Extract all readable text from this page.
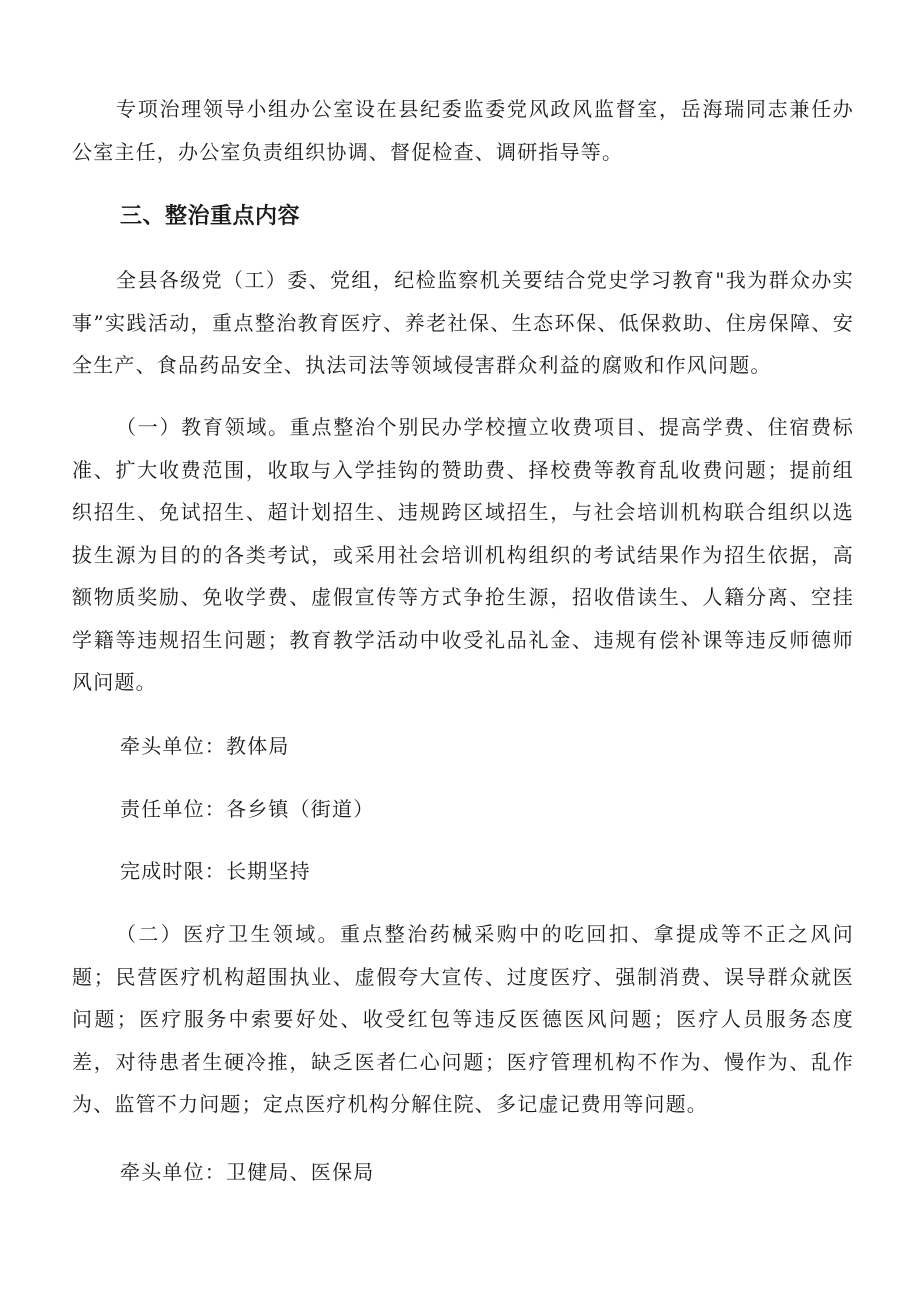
专项治理领导小组办公室设在县纪委监委党风政风监督室，岳海瑞同志兼任办公室主任，办公室负责组织协调、督促检查、调研指导等。

三、整治重点内容

全县各级党（工）委、党组，纪检监察机关要结合党史学习教育"我为群众办实事”实践活动，重点整治教育医疗、养老社保、生态环保、低保救助、住房保障、安全生产、食品药品安全、执法司法等领域侵害群众利益的腐败和作风问题。

（一）教育领域。重点整治个别民办学校擅立收费项目、提高学费、住宿费标准、扩大收费范围，收取与入学挂钩的赞助费、择校费等教育乱收费问题；提前组织招生、免试招生、超计划招生、违规跨区域招生，与社会培训机构联合组织以选拔生源为目的的各类考试，或采用社会培训机构组织的考试结果作为招生依据，高额物质奖励、免收学费、虚假宣传等方式争抢生源，招收借读生、人籍分离、空挂学籍等违规招生问题；教育教学活动中收受礼品礼金、违规有偿补课等违反师德师风问题。

牵头单位：教体局

责任单位：各乡镇（街道）

完成时限：长期坚持

（二）医疗卫生领域。重点整治药械采购中的吃回扣、拿提成等不正之风问题；民营医疗机构超围执业、虚假夸大宣传、过度医疗、强制消费、误导群众就医问题；医疗服务中索要好处、收受红包等违反医德医风问题；医疗人员服务态度差，对待患者生硬冷推，缺乏医者仁心问题；医疗管理机构不作为、慢作为、乱作为、监管不力问题；定点医疗机构分解住院、多记虚记费用等问题。

牵头单位：卫健局、医保局
